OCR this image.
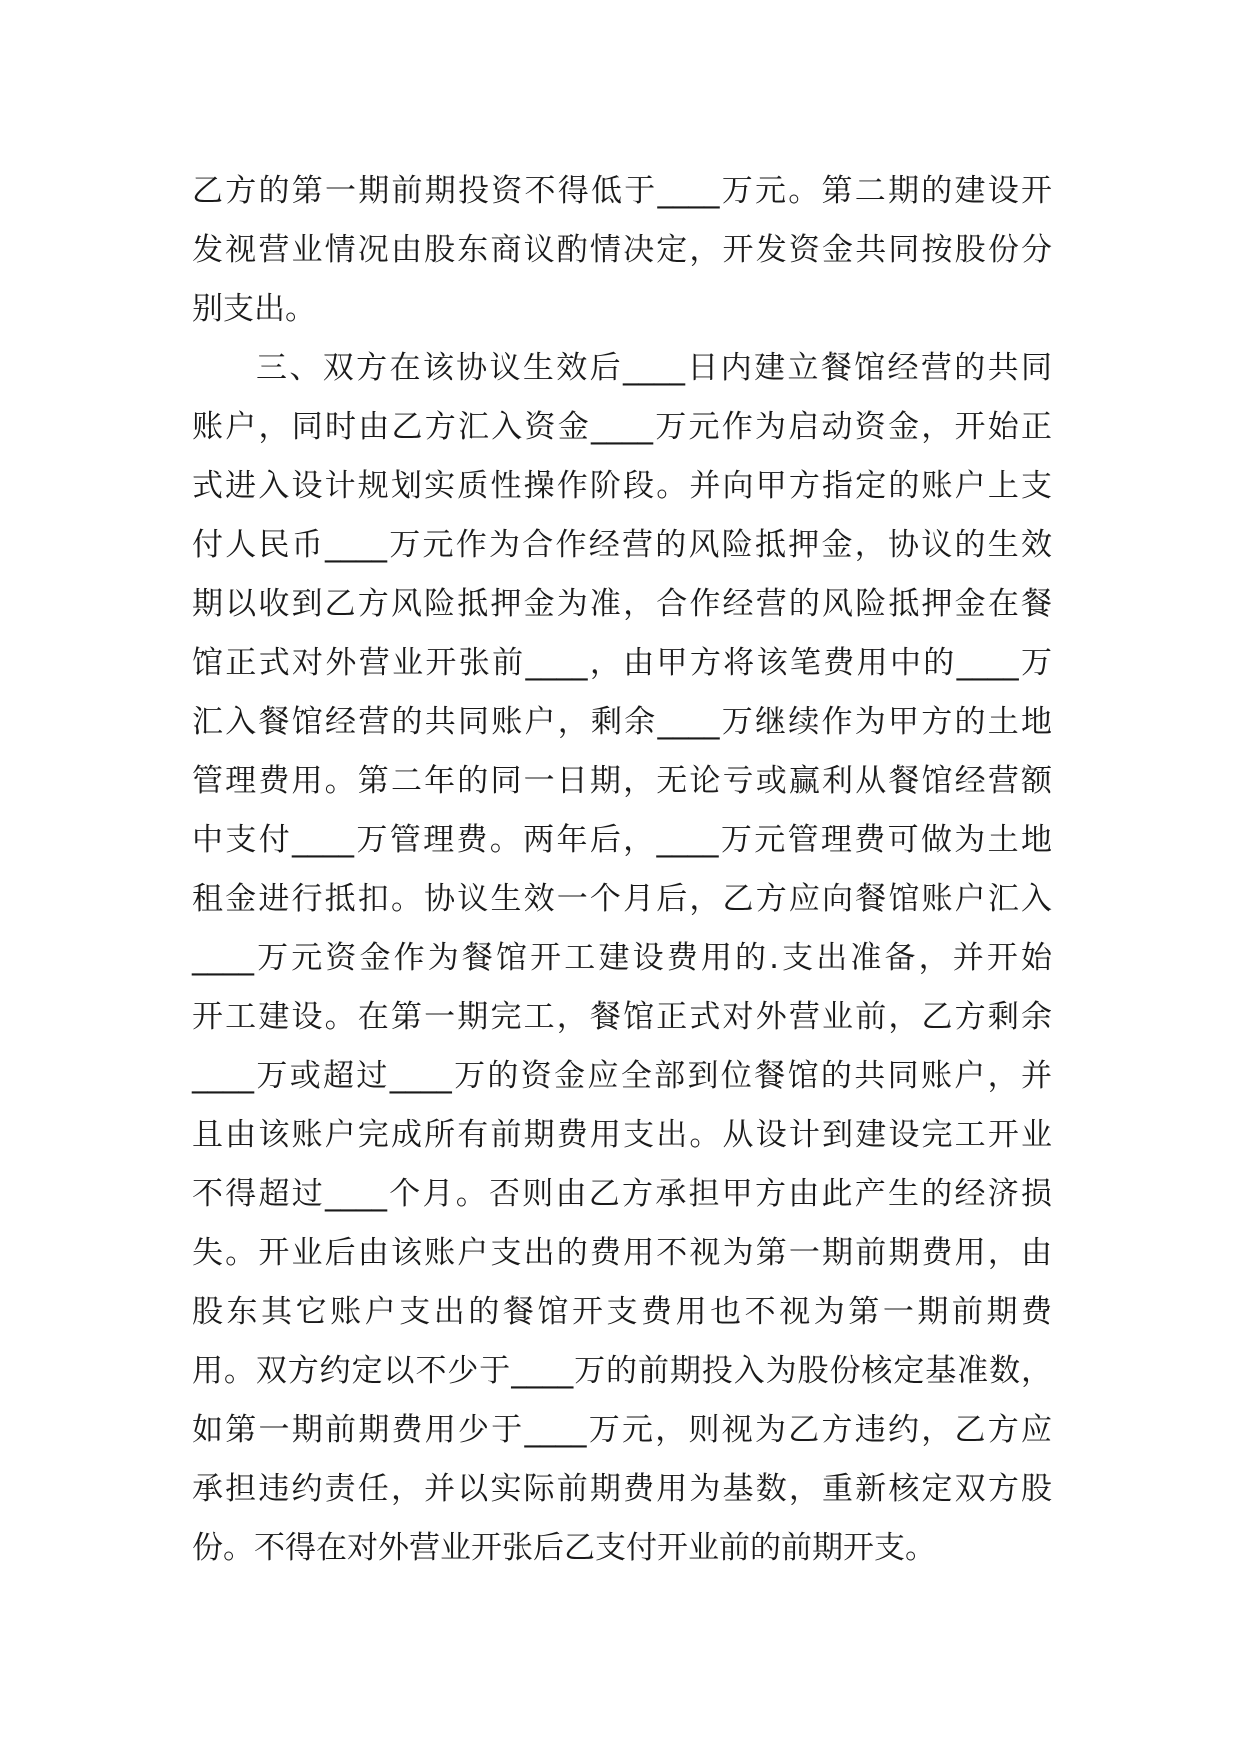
乙方的第一期前期投资不得低于____万元。第二期的建设开
发视营业情况由股东商议酌情决定，开发资金共同按股份分
别支出。
三、双方在该协议生效后____日内建立餐馆经营的共同
账户，同时由乙方汇入资金____万元作为启动资金，开始正
式进入设计规划实质性操作阶段。并向甲方指定的账户上支
付人民币____万元作为合作经营的风险抵押金，协议的生效
期以收到乙方风险抵押金为准，合作经营的风险抵押金在餐
馆正式对外营业开张前____，由甲方将该笔费用中的____万
汇入餐馆经营的共同账户，剩余____万继续作为甲方的土地
管理费用。第二年的同一日期，无论亏或赢利从餐馆经营额
中支付____万管理费。两年后，____万元管理费可做为土地
租金进行抵扣。协议生效一个月后，乙方应向餐馆账户汇入
____万元资金作为餐馆开工建设费用的.支出准备，并开始
开工建设。在第一期完工，餐馆正式对外营业前，乙方剩余
____万或超过____万的资金应全部到位餐馆的共同账户，并
且由该账户完成所有前期费用支出。从设计到建设完工开业
不得超过____个月。否则由乙方承担甲方由此产生的经济损
失。开业后由该账户支出的费用不视为第一期前期费用，由
股东其它账户支出的餐馆开支费用也不视为第一期前期费
用。双方约定以不少于____万的前期投入为股份核定基准数，
如第一期前期费用少于____万元，则视为乙方违约，乙方应
承担违约责任，并以实际前期费用为基数，重新核定双方股
份。不得在对外营业开张后乙支付开业前的前期开支。
